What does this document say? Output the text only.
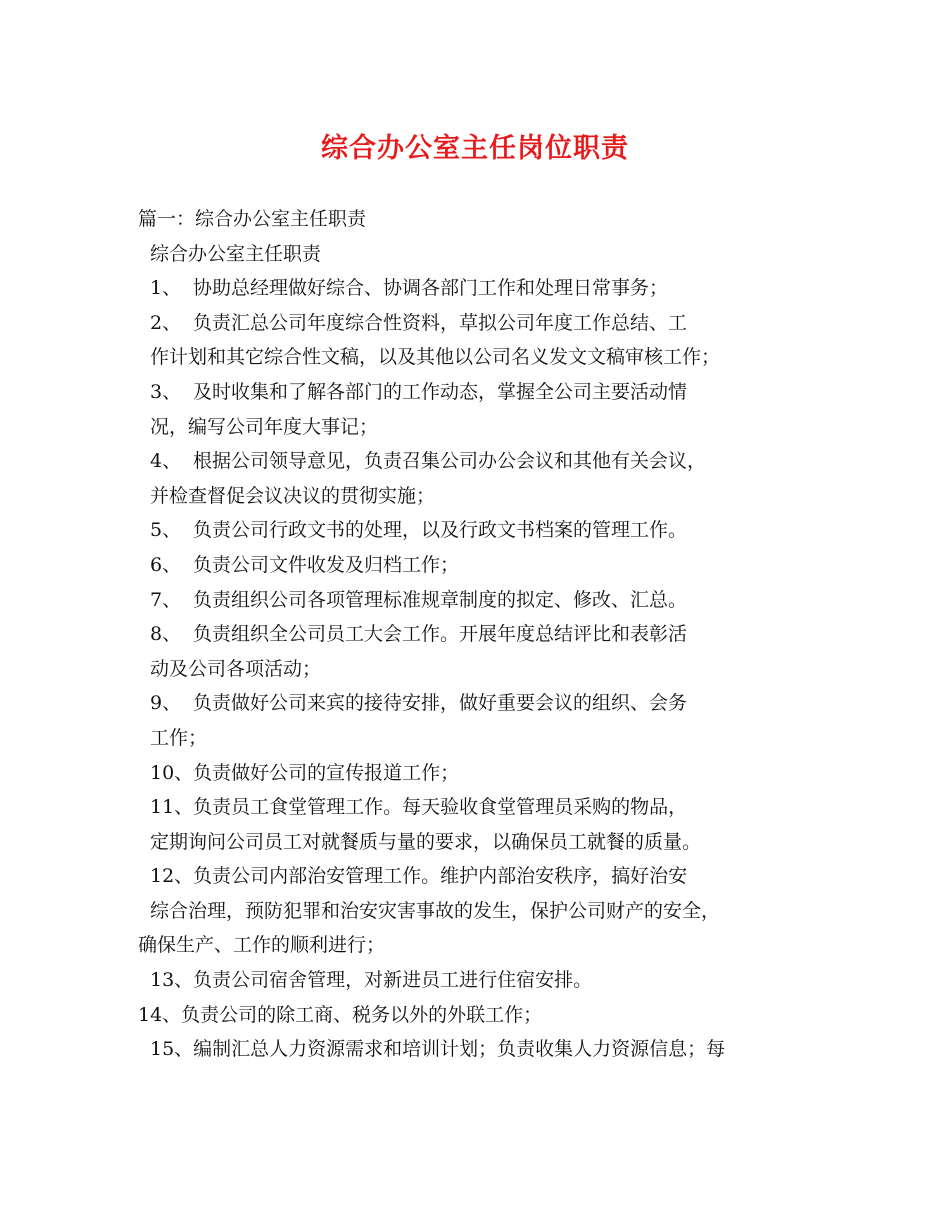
综合办公室主任岗位职责
篇一：综合办公室主任职责
综合办公室主任职责
1、 协助总经理做好综合、协调各部门工作和处理日常事务；
2、 负责汇总公司年度综合性资料，草拟公司年度工作总结、工
作计划和其它综合性文稿，以及其他以公司名义发文文稿审核工作；
3、 及时收集和了解各部门的工作动态，掌握全公司主要活动情
况，编写公司年度大事记；
4、 根据公司领导意见，负责召集公司办公会议和其他有关会议，
并检查督促会议决议的贯彻实施；
5、 负责公司行政文书的处理，以及行政文书档案的管理工作。
6、 负责公司文件收发及归档工作；
7、 负责组织公司各项管理标准规章制度的拟定、修改、汇总。
8、 负责组织全公司员工大会工作。开展年度总结评比和表彰活
动及公司各项活动；
9、 负责做好公司来宾的接待安排，做好重要会议的组织、会务
工作；
10、负责做好公司的宣传报道工作；
11、负责员工食堂管理工作。每天验收食堂管理员采购的物品，
定期询问公司员工对就餐质与量的要求，以确保员工就餐的质量。
12、负责公司内部治安管理工作。维护内部治安秩序，搞好治安
综合治理，预防犯罪和治安灾害事故的发生，保护公司财产的安全，
确保生产、工作的顺利进行；
13、负责公司宿舍管理，对新进员工进行住宿安排。
14、负责公司的除工商、税务以外的外联工作；
15、编制汇总人力资源需求和培训计划；负责收集人力资源信息；每
